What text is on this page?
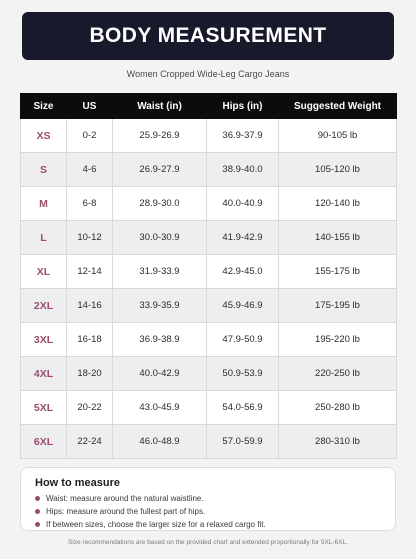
BODY MEASUREMENT
Women Cropped Wide-Leg Cargo Jeans
Size	US	Waist (in)	Hips (in)	Suggested Weight
XS	0-2	25.9-26.9	36.9-37.9	90-105 lb
S	4-6	26.9-27.9	38.9-40.0	105-120 lb
M	6-8	28.9-30.0	40.0-40.9	120-140 lb
L	10-12	30.0-30.9	41.9-42.9	140-155 lb
XL	12-14	31.9-33.9	42.9-45.0	155-175 lb
2XL	14-16	33.9-35.9	45.9-46.9	175-195 lb
3XL	16-18	36.9-38.9	47.9-50.9	195-220 lb
4XL	18-20	40.0-42.9	50.9-53.9	220-250 lb
5XL	20-22	43.0-45.9	54.0-56.9	250-280 lb
6XL	22-24	46.0-48.9	57.0-59.9	280-310 lb
How to measure
Waist: measure around the natural waistline.
Hips: measure around the fullest part of hips.
If between sizes, choose the larger size for a relaxed cargo fit.
Size recommendations are based on the provided chart and extended proportionally for 5XL-6XL.
